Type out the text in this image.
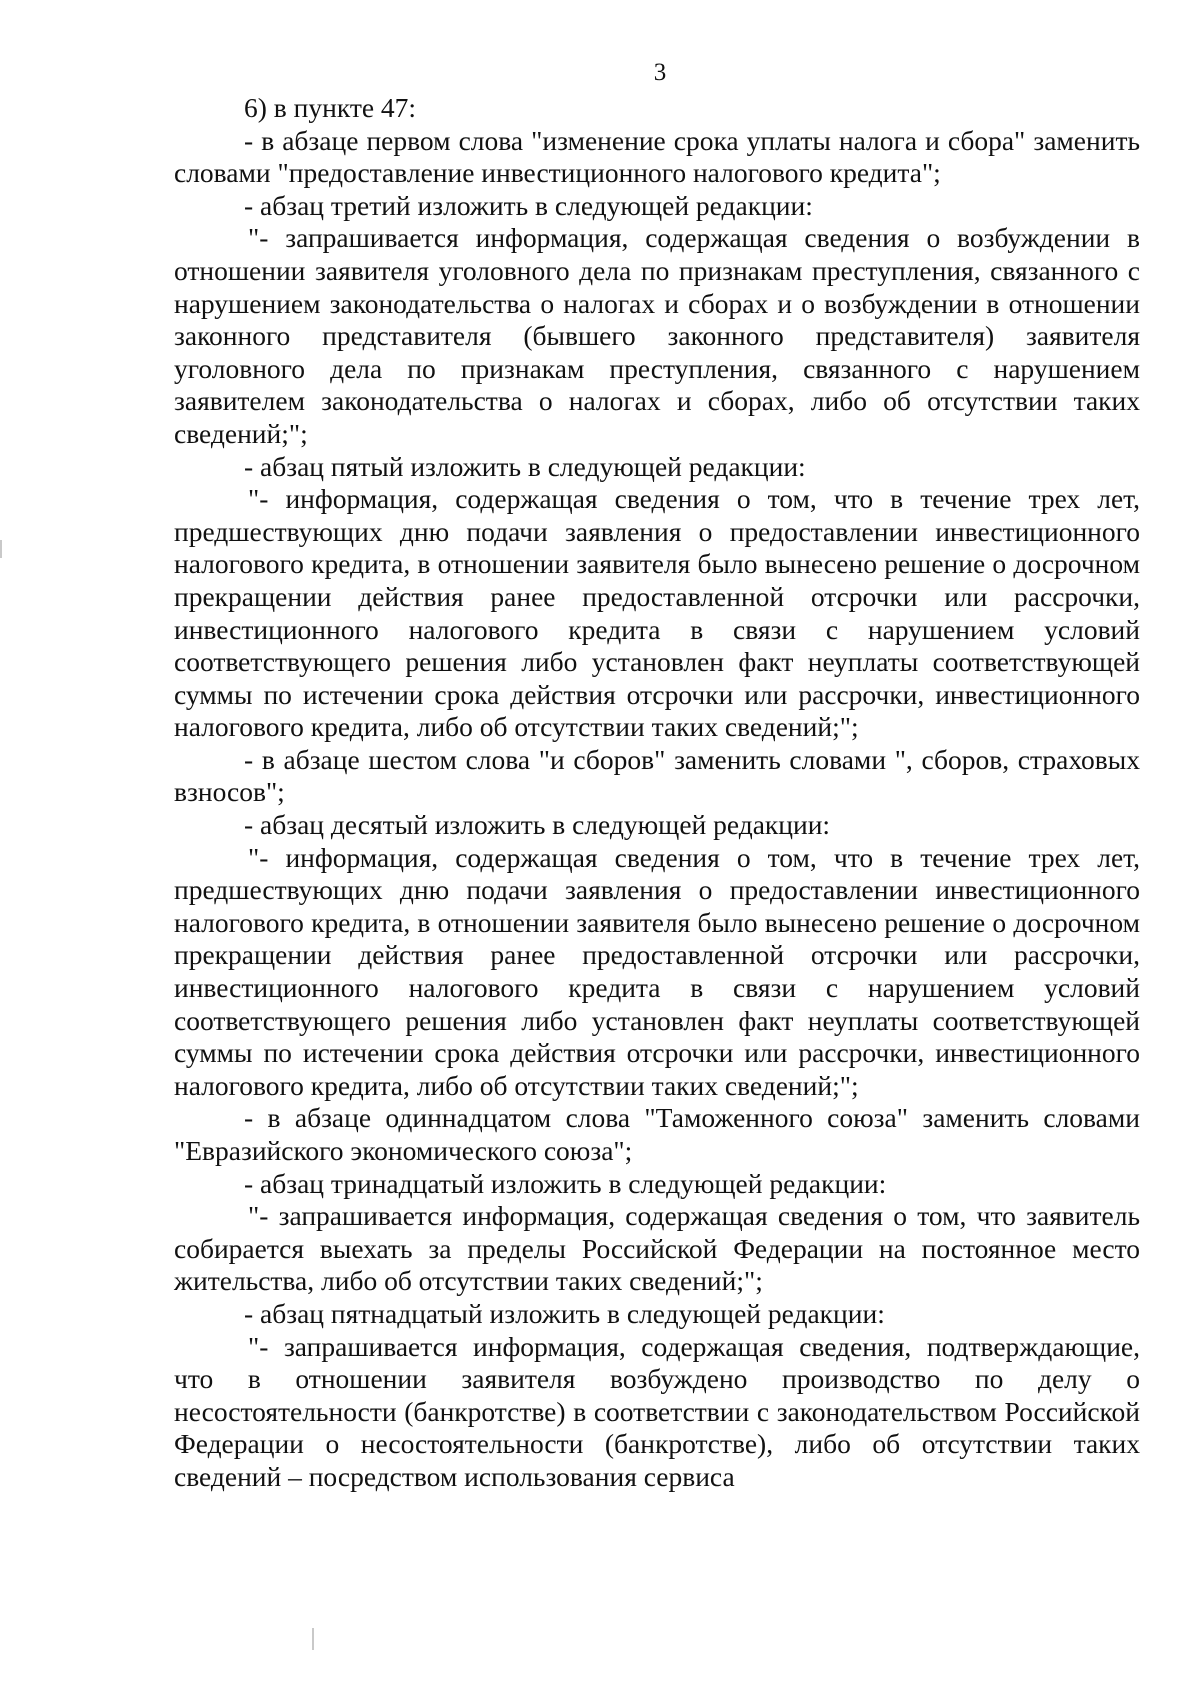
3

6) в пункте 47:

- в абзаце первом слова "изменение срока уплаты налога и сбора" заменить словами "предоставление инвестиционного налогового кредита";

- абзац третий изложить в следующей редакции:

"- запрашивается информация, содержащая сведения о возбуждении в отношении заявителя уголовного дела по признакам преступления, связанного с нарушением законодательства о налогах и сборах и о возбуждении в отношении законного представителя (бывшего законного представителя) заявителя уголовного дела по признакам преступления, связанного с нарушением заявителем законодательства о налогах и сборах, либо об отсутствии таких сведений;";

- абзац пятый изложить в следующей редакции:

"- информация, содержащая сведения о том, что в течение трех лет, предшествующих дню подачи заявления о предоставлении инвестиционного налогового кредита, в отношении заявителя было вынесено решение о досрочном прекращении действия ранее предоставленной отсрочки или рассрочки, инвестиционного налогового кредита в связи с нарушением условий соответствующего решения либо установлен факт неуплаты соответствующей суммы по истечении срока действия отсрочки или рассрочки, инвестиционного налогового кредита, либо об отсутствии таких сведений;";

- в абзаце шестом слова "и сборов" заменить словами ", сборов, страховых взносов";

- абзац десятый изложить в следующей редакции:

"- информация, содержащая сведения о том, что в течение трех лет, предшествующих дню подачи заявления о предоставлении инвестиционного налогового кредита, в отношении заявителя было вынесено решение о досрочном прекращении действия ранее предоставленной отсрочки или рассрочки, инвестиционного налогового кредита в связи с нарушением условий соответствующего решения либо установлен факт неуплаты соответствующей суммы по истечении срока действия отсрочки или рассрочки, инвестиционного налогового кредита, либо об отсутствии таких сведений;";

- в абзаце одиннадцатом слова "Таможенного союза" заменить словами "Евразийского экономического союза";

- абзац тринадцатый изложить в следующей редакции:

"- запрашивается информация, содержащая сведения о том, что заявитель собирается выехать за пределы Российской Федерации на постоянное место жительства, либо об отсутствии таких сведений;";

- абзац пятнадцатый изложить в следующей редакции:

"- запрашивается информация, содержащая сведения, подтверждающие, что в отношении заявителя возбуждено производство по делу о несостоятельности (банкротстве) в соответствии с законодательством Российской Федерации о несостоятельности (банкротстве), либо об отсутствии таких сведений – посредством использования сервиса
